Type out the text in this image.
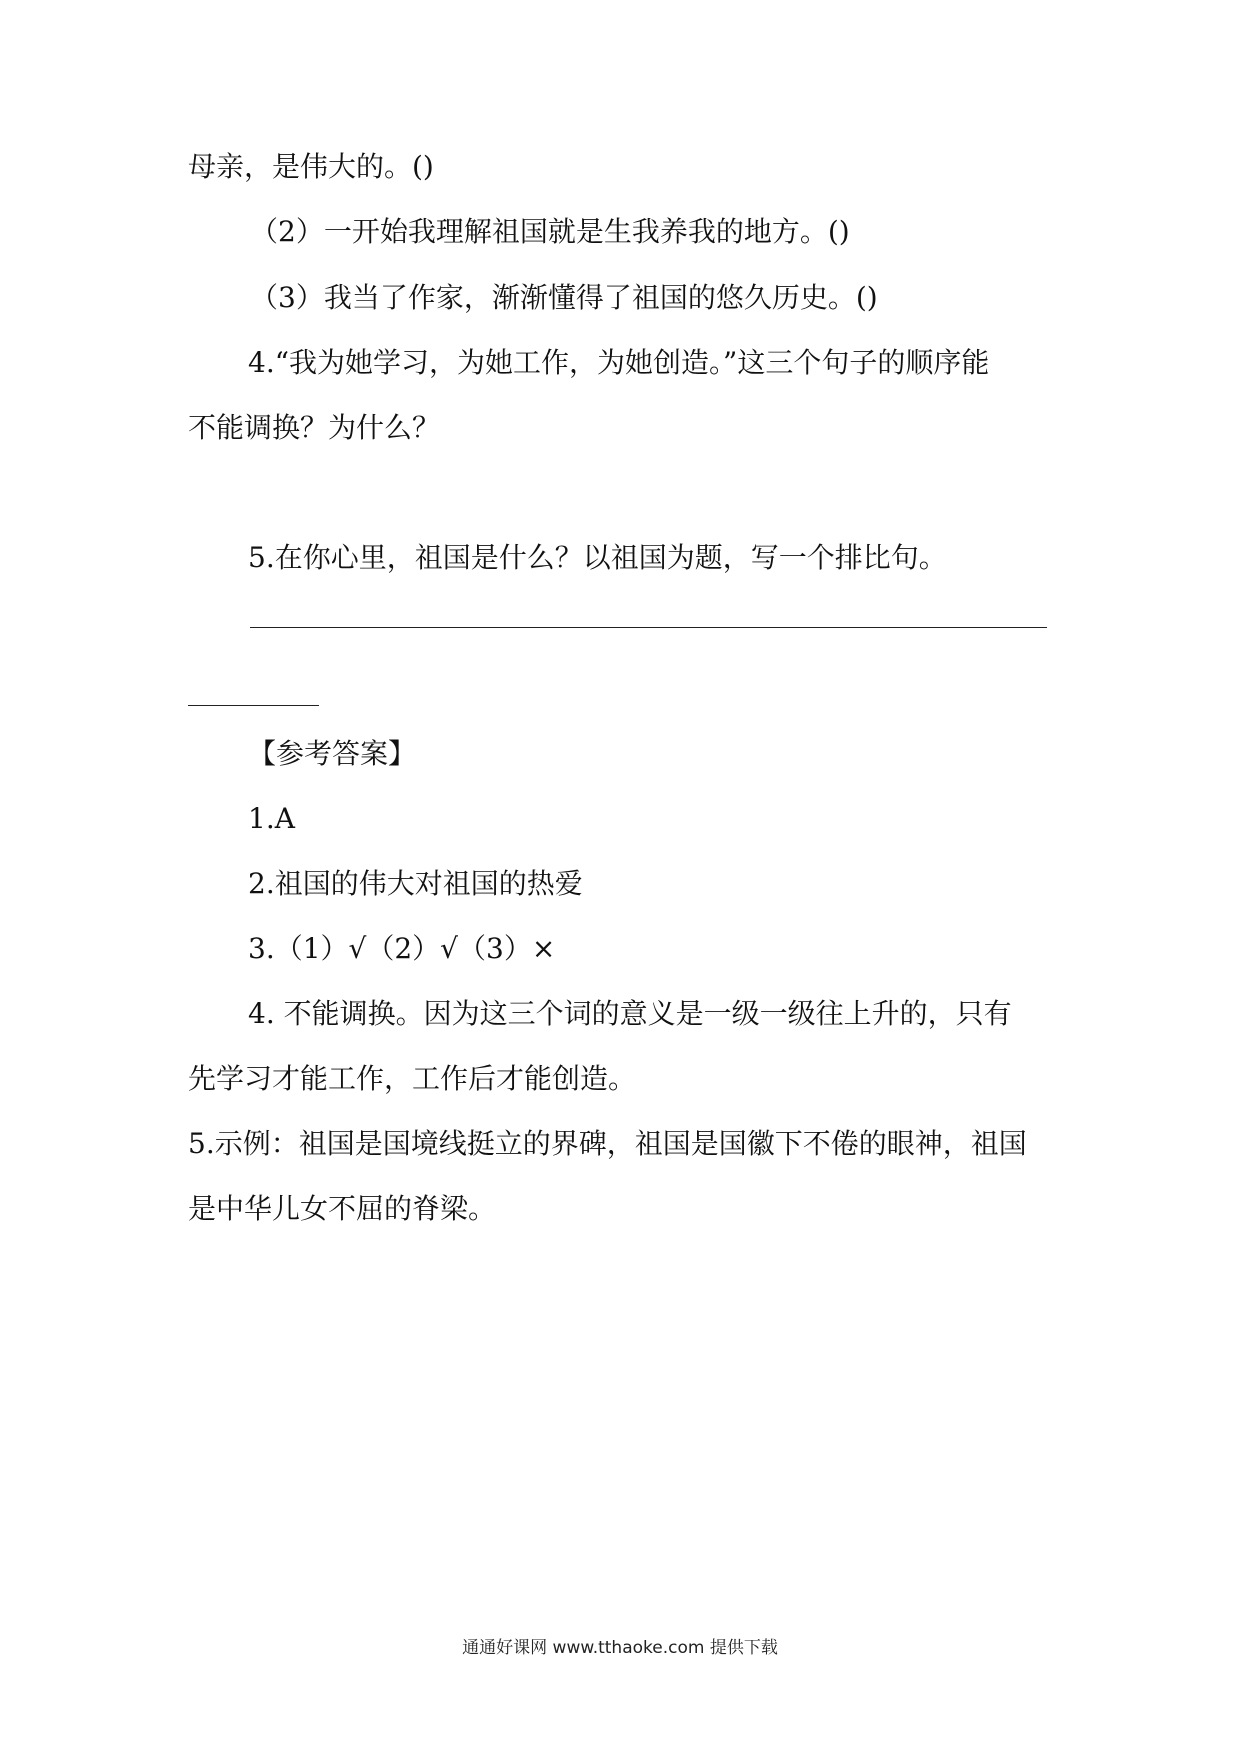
母亲，是伟大的。()
（2）一开始我理解祖国就是生我养我的地方。()
（3）我当了作家，渐渐懂得了祖国的悠久历史。()
4.“我为她学习，为她工作，为她创造。”这三个句子的顺序能
不能调换？为什么？
5.在你心里，祖国是什么？以祖国为题，写一个排比句。
【参考答案】
1.A
2.祖国的伟大对祖国的热爱
3.（1）√（2）√（3）×
4. 不能调换。因为这三个词的意义是一级一级往上升的，只有
先学习才能工作，工作后才能创造。
5.示例：祖国是国境线挺立的界碑，祖国是国徽下不倦的眼神，祖国
是中华儿女不屈的脊梁。
通通好课网 www.tthaoke.com 提供下载
